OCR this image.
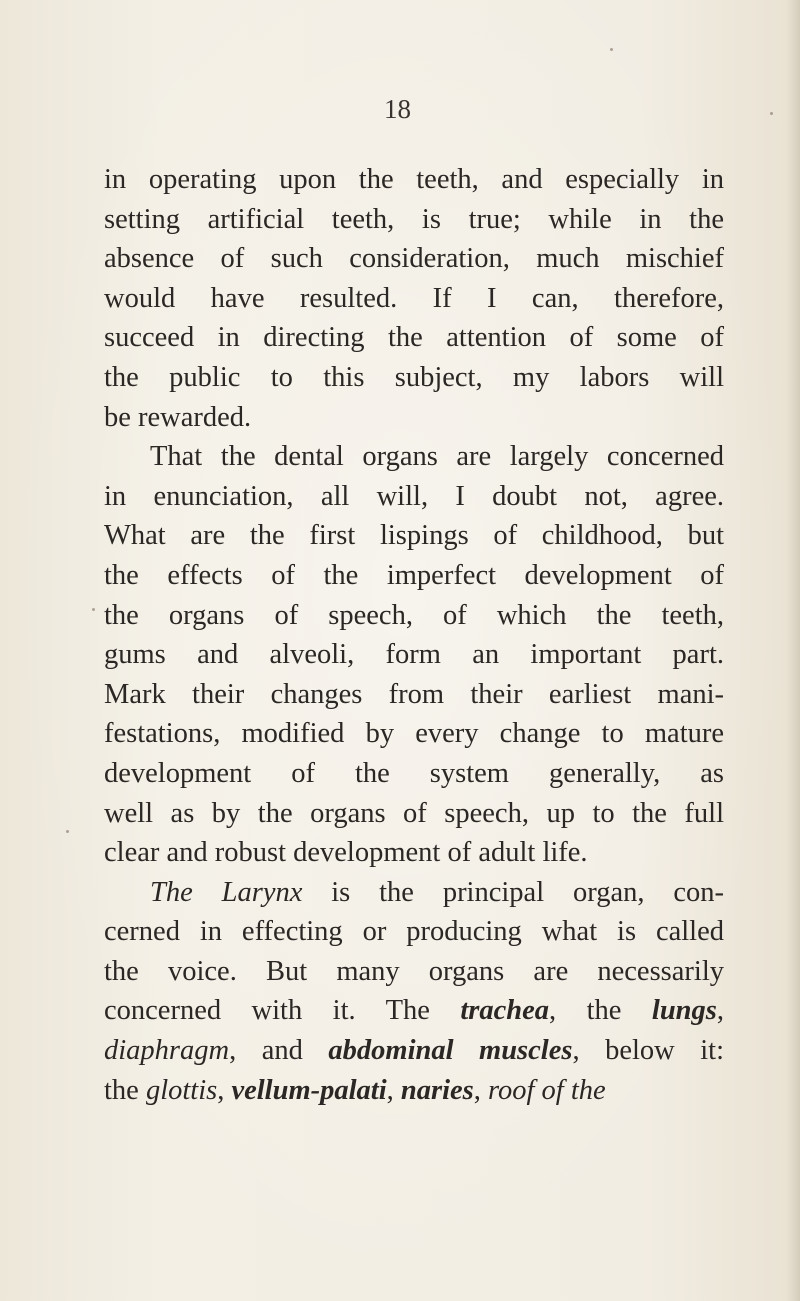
18
in operating upon the teeth, and especially in
setting artificial teeth, is true; while in the
absence of such consideration, much mischief
would have resulted. If I can, therefore,
succeed in directing the attention of some of
the public to this subject, my labors will
be rewarded.
That the dental organs are largely concerned
in enunciation, all will, I doubt not, agree.
What are the first lispings of childhood, but
the effects of the imperfect development of
the organs of speech, of which the teeth,
gums and alveoli, form an important part.
Mark their changes from their earliest mani-
festations, modified by every change to mature
development of the system generally, as
well as by the organs of speech, up to the full
clear and robust development of adult life.
The Larynx is the principal organ, con-
cerned in effecting or producing what is called
the voice. But many organs are necessarily
concerned with it. The trachea, the lungs,
diaphragm, and abdominal muscles, below it:
the glottis, vellum-palati, naries, roof of the
